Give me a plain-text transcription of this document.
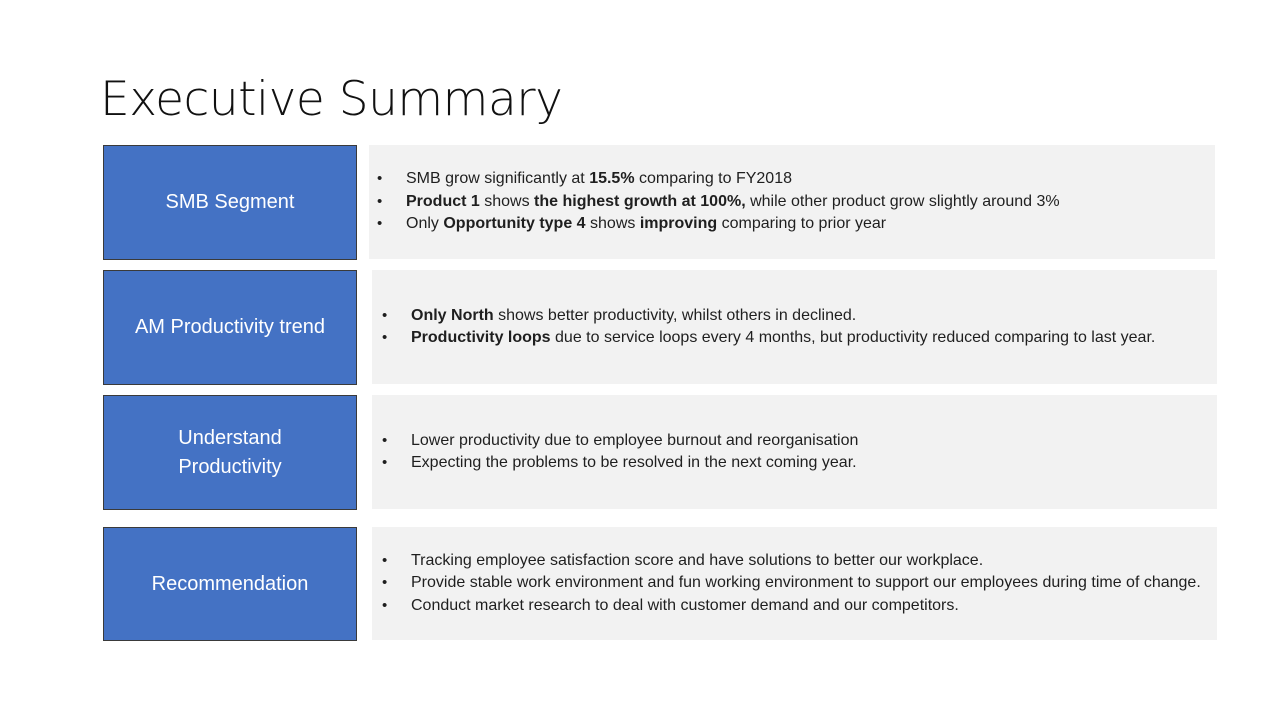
Executive Summary
SMB Segment
• SMB grow significantly at 15.5% comparing to FY2018
• Product 1 shows the highest growth at 100%, while other product grow slightly around 3%
• Only Opportunity type 4 shows improving comparing to prior year
AM Productivity trend
• Only North shows better productivity, whilst others in declined.
• Productivity loops due to service loops every 4 months, but productivity reduced comparing to last year.
Understand Productivity
• Lower productivity due to employee burnout and reorganisation
• Expecting the problems to be resolved in the next coming year.
Recommendation
• Tracking employee satisfaction score and have solutions to better our workplace.
• Provide stable work environment and fun working environment to support our employees during time of change.
• Conduct market research to deal with customer demand and our competitors.
